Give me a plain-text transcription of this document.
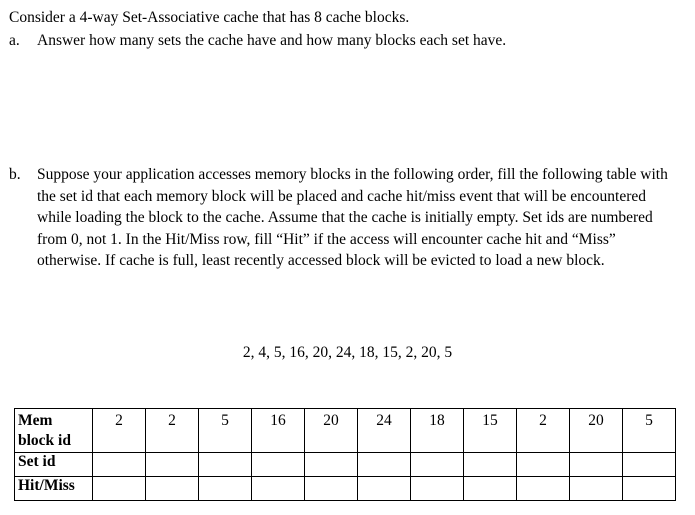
Consider a 4-way Set-Associative cache that has 8 cache blocks.
a.	Answer how many sets the cache have and how many blocks each set have.
b.	Suppose your application accesses memory blocks in the following order, fill the following table with the set id that each memory block will be placed and cache hit/miss event that will be encountered while loading the block to the cache. Assume that the cache is initially empty. Set ids are numbered from 0, not 1. In the Hit/Miss row, fill “Hit” if the access will encounter cache hit and “Miss” otherwise. If cache is full, least recently accessed block will be evicted to load a new block.
2, 4, 5, 16, 20, 24, 18, 15, 2, 20, 5
Mem
block id	2	2	5	16	20	24	18	15	2	20	5
Set id											
Hit/Miss											
